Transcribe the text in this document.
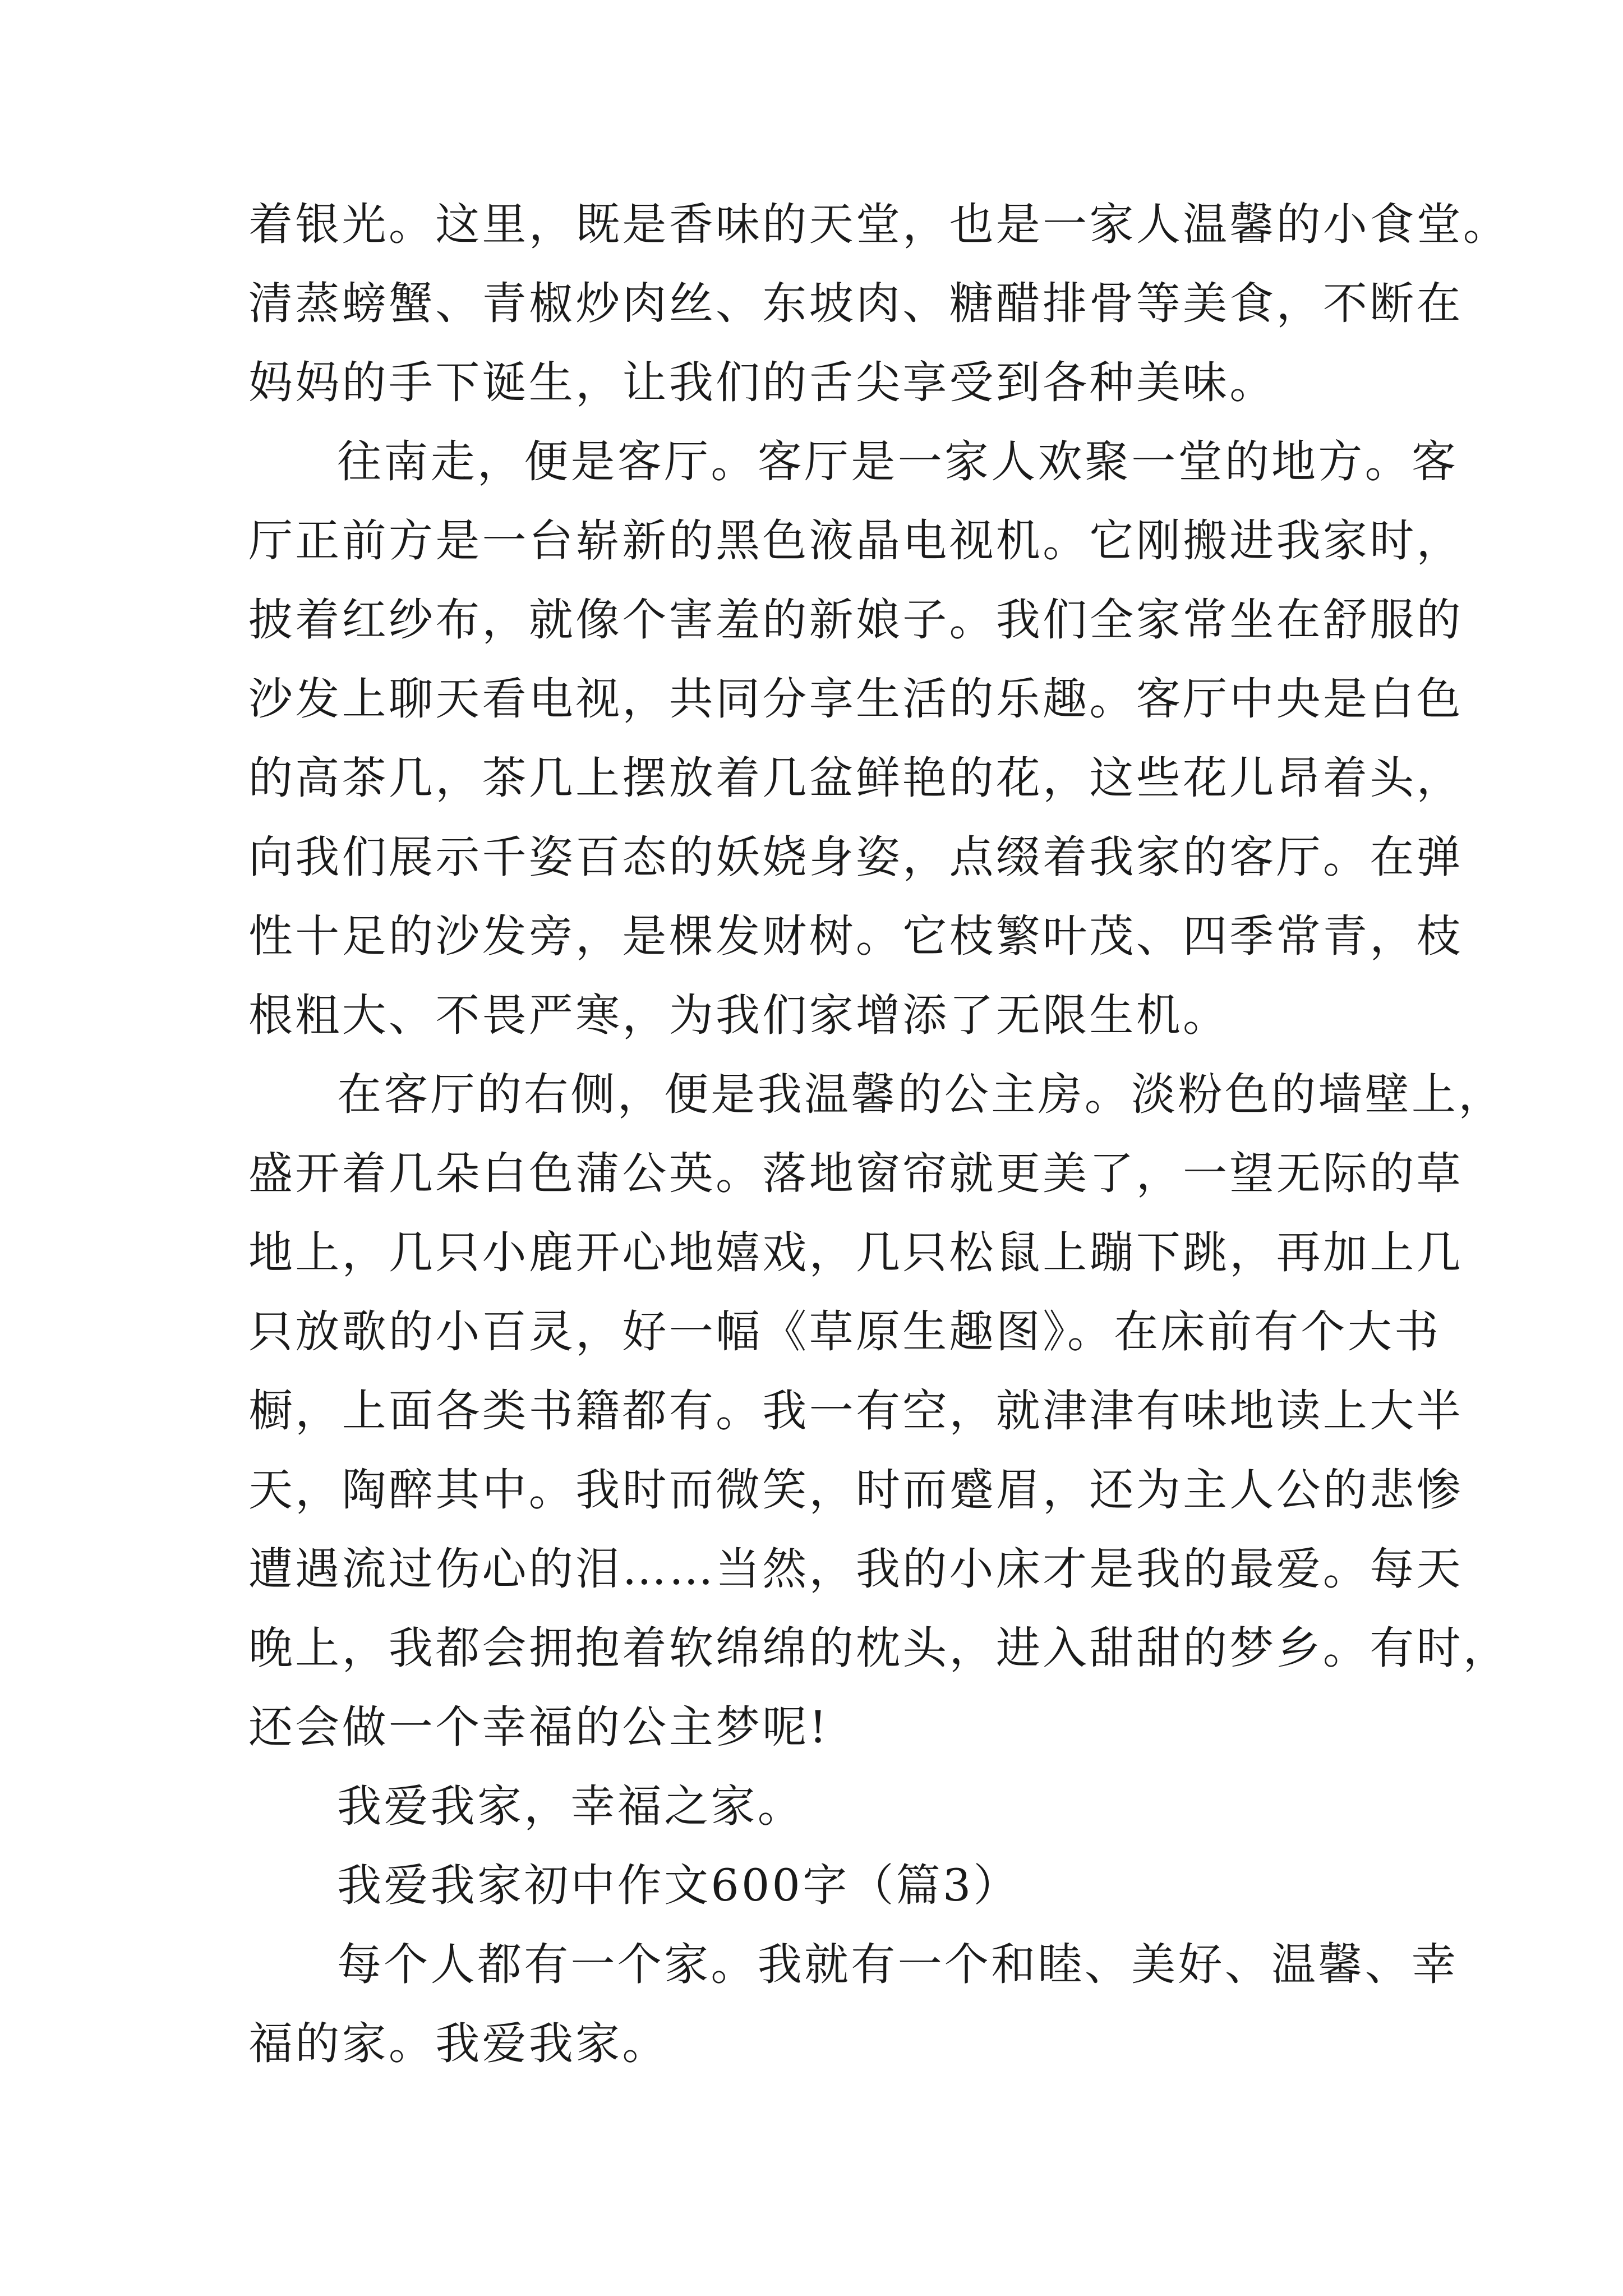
着银光。这里，既是香味的天堂，也是一家人温馨的小食堂。
清蒸螃蟹、青椒炒肉丝、东坡肉、糖醋排骨等美食，不断在
妈妈的手下诞生，让我们的舌尖享受到各种美味。
往南走，便是客厅。客厅是一家人欢聚一堂的地方。客
厅正前方是一台崭新的黑色液晶电视机。它刚搬进我家时，
披着红纱布，就像个害羞的新娘子。我们全家常坐在舒服的
沙发上聊天看电视，共同分享生活的乐趣。客厅中央是白色
的高茶几，茶几上摆放着几盆鲜艳的花，这些花儿昂着头，
向我们展示千姿百态的妖娆身姿，点缀着我家的客厅。在弹
性十足的沙发旁，是棵发财树。它枝繁叶茂、四季常青，枝
根粗大、不畏严寒，为我们家增添了无限生机。
在客厅的右侧，便是我温馨的公主房。淡粉色的墙壁上，
盛开着几朵白色蒲公英。落地窗帘就更美了，一望无际的草
地上，几只小鹿开心地嬉戏，几只松鼠上蹦下跳，再加上几
只放歌的小百灵，好一幅《草原生趣图》。在床前有个大书
橱，上面各类书籍都有。我一有空，就津津有味地读上大半
天，陶醉其中。我时而微笑，时而蹙眉，还为主人公的悲惨
遭遇流过伤心的泪……当然，我的小床才是我的最爱。每天
晚上，我都会拥抱着软绵绵的枕头，进入甜甜的梦乡。有时，
还会做一个幸福的公主梦呢!
我爱我家，幸福之家。
我爱我家初中作文600字（篇3）
每个人都有一个家。我就有一个和睦、美好、温馨、幸
福的家。我爱我家。
